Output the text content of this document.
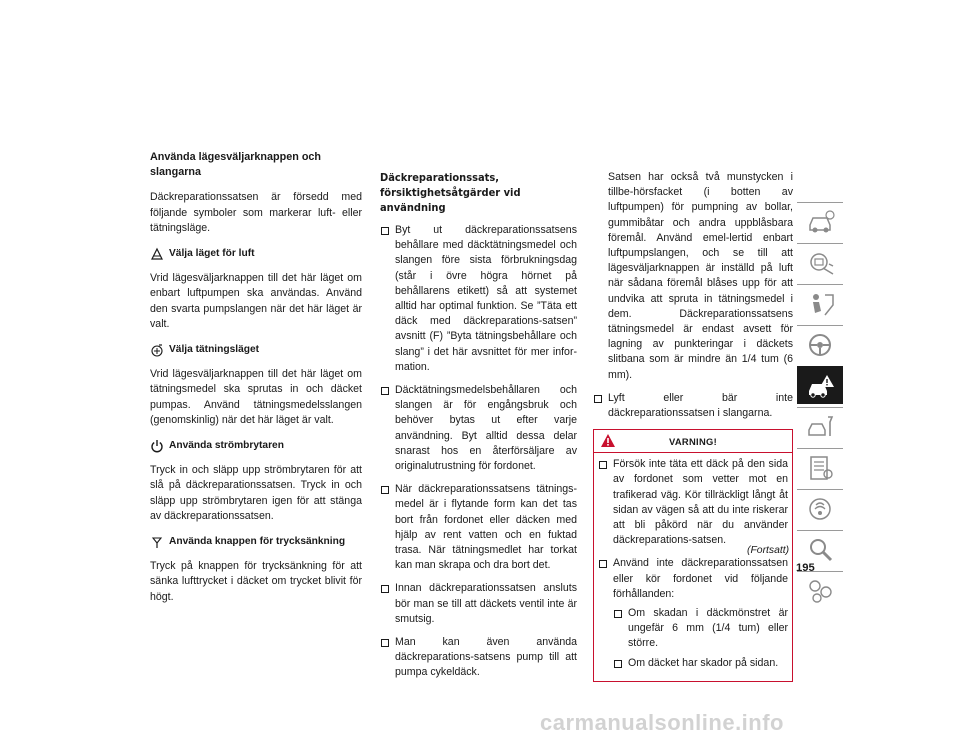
Använda lägesväljarknappen och slangarna

Däckreparationssatsen är försedd med följande symboler som markerar luft- eller tätningsläge.

Välja läget för luft

Vrid lägesväljarknappen till det här läget om enbart luftpumpen ska användas. Använd den svarta pumpslangen när det här läget är valt.

Välja tätningsläget

Vrid lägesväljarknappen till det här läget om tätningsmedel ska sprutas in och däcket pumpas. Använd tätningsmedelsslangen (genomskinlig) när det här läget är valt.

Använda strömbrytaren

Tryck in och släpp upp strömbrytaren för att slå på däckreparationssatsen. Tryck in och släpp upp strömbrytaren igen för att stänga av däckreparationssatsen.

Använda knappen för trycksänkning

Tryck på knappen för trycksänkning för att sänka lufttrycket i däcket om trycket blivit för högt.

Däckreparationssats,
försiktighetsåtgärder vid användning
Byt ut däckreparationssatsens behållare med däcktätningsmedel och slangen före sista förbrukningsdag (står i övre högra hörnet på behållarens etikett) så att systemet alltid har optimal funktion. Se ”Täta ett däck med däckreparations-satsen” avsnitt (F) ”Byta tätningsbehållare och slang” i det här avsnittet för mer infor-mation.
Däcktätningsmedelsbehållaren och slangen är för engångsbruk och behöver bytas ut efter varje användning. Byt alltid dessa delar snarast hos en återförsäljare av originalutrustning för fordonet.
När däckreparationssatsens tätnings-medel är i flytande form kan det tas bort från fordonet eller däcken med hjälp av rent vatten och en fuktad trasa. När tätningsmedlet har torkat kan man skrapa och dra bort det.
Innan däckreparationssatsen ansluts bör man se till att däckets ventil inte är smutsig.
Man kan även använda däckreparations-satsens pump till att pumpa cykeldäck.
Satsen har också två munstycken i tillbe-hörsfacket (i botten av luftpumpen) för pumpning av bollar, gummibåtar och andra uppblåsbara föremål. Använd emel-lertid enbart luftpumpslangen, och se till att lägesväljarknappen är inställd på luft när sådana föremål blåses upp för att undvika att spruta in tätningsmedel i dem. Däckreparationssatsens tätningsmedel är endast avsett för lagning av punkteringar i däckets slitbana som är mindre än 1/4 tum (6 mm).
Lyft eller bär inte däckreparationssatsen i slangarna.
VARNING!
Försök inte täta ett däck på den sida av fordonet som vetter mot en trafikerad väg. Kör tillräckligt långt åt sidan av vägen så att du inte riskerar att bli påkörd när du använder däckreparations-satsen.
Använd inte däckreparationssatsen eller kör fordonet vid följande förhållanden:
Om skadan i däckmönstret är ungefär 6 mm (1/4 tum) eller större.
Om däcket har skador på sidan.
(Fortsatt)
195
carmanualsonline.info
